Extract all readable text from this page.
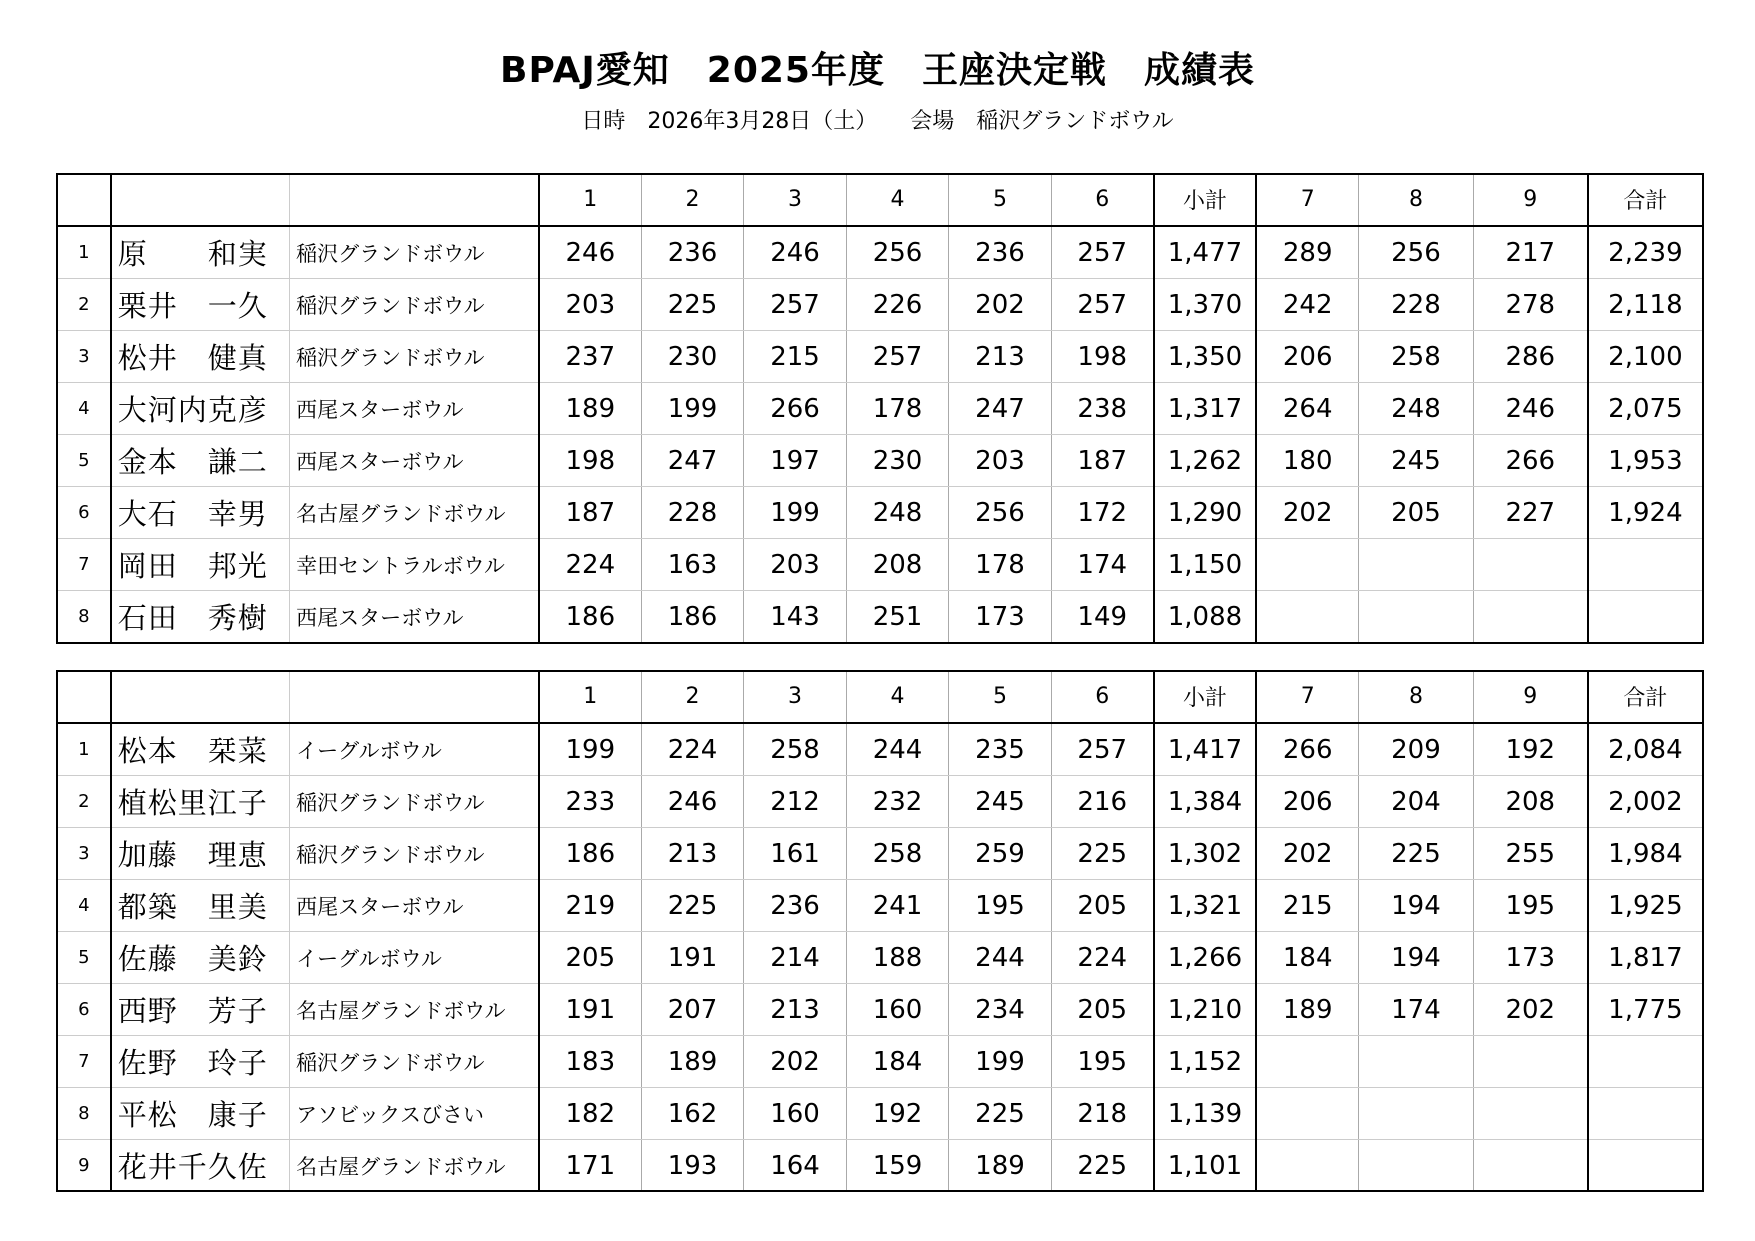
BPAJ愛知　2025年度　王座決定戦　成績表
日時　2026年3月28日（土）　　会場　稲沢グランドボウル
			1	2	3	4	5	6	小計	7	8	9	合計
1	原　　和実	稲沢グランドボウル	246	236	246	256	236	257	1,477	289	256	217	2,239
2	栗井　一久	稲沢グランドボウル	203	225	257	226	202	257	1,370	242	228	278	2,118
3	松井　健真	稲沢グランドボウル	237	230	215	257	213	198	1,350	206	258	286	2,100
4	大河内克彦	西尾スターボウル	189	199	266	178	247	238	1,317	264	248	246	2,075
5	金本　謙二	西尾スターボウル	198	247	197	230	203	187	1,262	180	245	266	1,953
6	大石　幸男	名古屋グランドボウル	187	228	199	248	256	172	1,290	202	205	227	1,924
7	岡田　邦光	幸田セントラルボウル	224	163	203	208	178	174	1,150				
8	石田　秀樹	西尾スターボウル	186	186	143	251	173	149	1,088				
			1	2	3	4	5	6	小計	7	8	9	合計
1	松本　栞菜	イーグルボウル	199	224	258	244	235	257	1,417	266	209	192	2,084
2	植松里江子	稲沢グランドボウル	233	246	212	232	245	216	1,384	206	204	208	2,002
3	加藤　理恵	稲沢グランドボウル	186	213	161	258	259	225	1,302	202	225	255	1,984
4	都築　里美	西尾スターボウル	219	225	236	241	195	205	1,321	215	194	195	1,925
5	佐藤　美鈴	イーグルボウル	205	191	214	188	244	224	1,266	184	194	173	1,817
6	西野　芳子	名古屋グランドボウル	191	207	213	160	234	205	1,210	189	174	202	1,775
7	佐野　玲子	稲沢グランドボウル	183	189	202	184	199	195	1,152				
8	平松　康子	アソビックスびさい	182	162	160	192	225	218	1,139				
9	花井千久佐	名古屋グランドボウル	171	193	164	159	189	225	1,101				
